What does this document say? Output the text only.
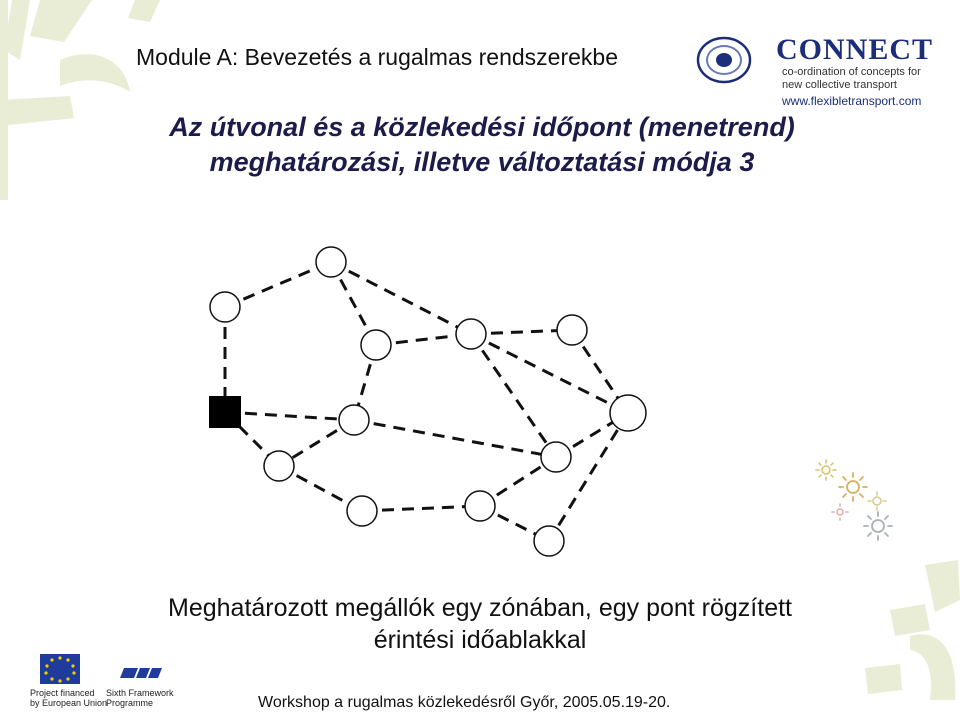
Module A: Bevezetés a rugalmas rendszerekbe	CONNECT
co-ordination of concepts for
new collective transport
www.flexibletransport.com
Az útvonal és a közlekedési időpont (menetrend)
meghatározási, illetve változtatási módja 3
Meghatározott megállók egy zónában, egy pont rögzített
érintési időablakkal
Project financed
by European Union
Sixth Framework
Programme	Workshop a rugalmas közlekedésről Győr, 2005.05.19-20.
